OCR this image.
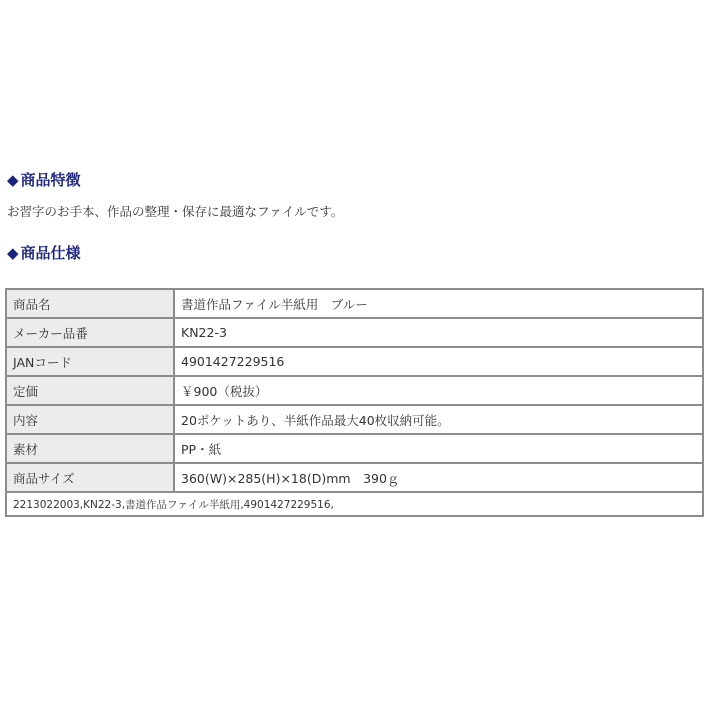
◆ 商品特徴

お習字のお手本、作品の整理・保存に最適なファイルです。

◆ 商品仕様
商品名	書道作品ファイル半紙用　ブルー
メーカー品番	KN22-3
JANコード	4901427229516
定価	￥900（税抜）
内容	20ポケットあり、半紙作品最大40枚収納可能。
素材	PP・紙
商品サイズ	360(W)×285(H)×18(D)mm　390ｇ
2213022003,KN22-3,書道作品ファイル半紙用,4901427229516,	
